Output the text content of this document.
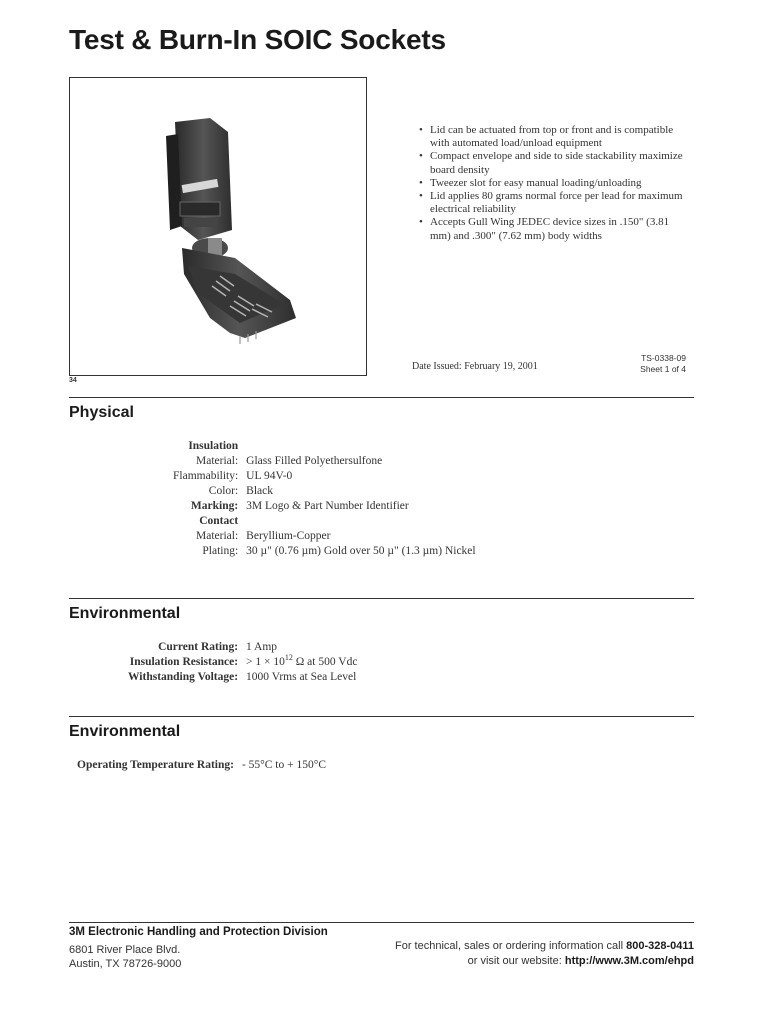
Test & Burn-In SOIC Sockets
34
• Lid can be actuated from top or front and is compatible with automated load/unload equipment
• Compact envelope and side to side stackability maximize board density
• Tweezer slot for easy manual loading/unloading
• Lid applies 80 grams normal force per lead for maximum electrical reliability
• Accepts Gull Wing JEDEC device sizes in .150" (3.81 mm) and .300" (7.62 mm) body widths
Date Issued: February 19, 2001
TS-0338-09
Sheet 1 of 4
Physical
Insulation	
Material:	Glass Filled Polyethersulfone
Flammability:	UL 94V-0
Color:	Black
Marking:	3M Logo & Part Number Identifier
Contact	
Material:	Beryllium-Copper
Plating:	30 µ" (0.76 µm) Gold over 50 µ" (1.3 µm) Nickel
Environmental
Current Rating:	1 Amp
Insulation Resistance:	> $1 \times 10^{12}$ Ω at 500 Vdc
Withstanding Voltage:	1000 Vrms at Sea Level
Environmental
Operating Temperature Rating:	- 55°C to + 150°C
3M Electronic Handling and Protection Division
6801 River Place Blvd.
Austin, TX 78726-9000
For technical, sales or ordering information call 800-328-0411
or visit our website: http://www.3M.com/ehpd
